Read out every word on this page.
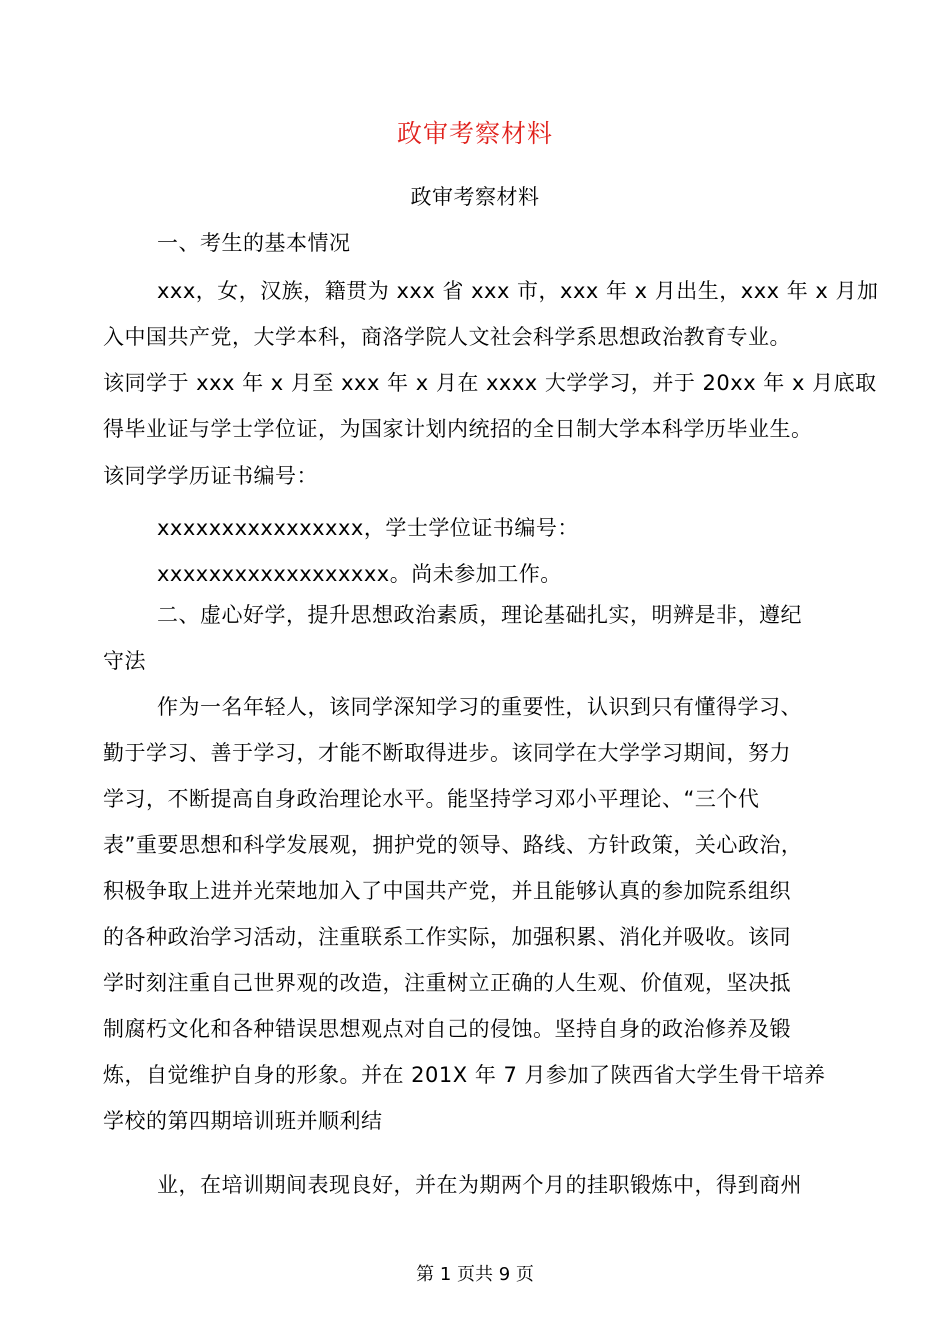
政审考察材料
政审考察材料
一、考生的基本情况
xxx，女，汉族，籍贯为 xxx 省 xxx 市，xxx 年 x 月出生，xxx 年 x 月加
入中国共产党，大学本科，商洛学院人文社会科学系思想政治教育专业。
该同学于 xxx 年 x 月至 xxx 年 x 月在 xxxx 大学学习，并于 20xx 年 x 月底取
得毕业证与学士学位证，为国家计划内统招的全日制大学本科学历毕业生。
该同学学历证书编号：
xxxxxxxxxxxxxxxx，学士学位证书编号：
xxxxxxxxxxxxxxxxxx。尚未参加工作。
二、虚心好学，提升思想政治素质，理论基础扎实，明辨是非，遵纪
守法
作为一名年轻人，该同学深知学习的重要性，认识到只有懂得学习、
勤于学习、善于学习，才能不断取得进步。该同学在大学学习期间，努力
学习，不断提高自身政治理论水平。能坚持学习邓小平理论、“三个代
表”重要思想和科学发展观，拥护党的领导、路线、方针政策，关心政治，
积极争取上进并光荣地加入了中国共产党，并且能够认真的参加院系组织
的各种政治学习活动，注重联系工作实际，加强积累、消化并吸收。该同
学时刻注重自己世界观的改造，注重树立正确的人生观、价值观，坚决抵
制腐朽文化和各种错误思想观点对自己的侵蚀。坚持自身的政治修养及锻
炼，自觉维护自身的形象。并在 201X 年 7 月参加了陕西省大学生骨干培养
学校的第四期培训班并顺利结
业，在培训期间表现良好，并在为期两个月的挂职锻炼中，得到商州
第 1 页共 9 页
